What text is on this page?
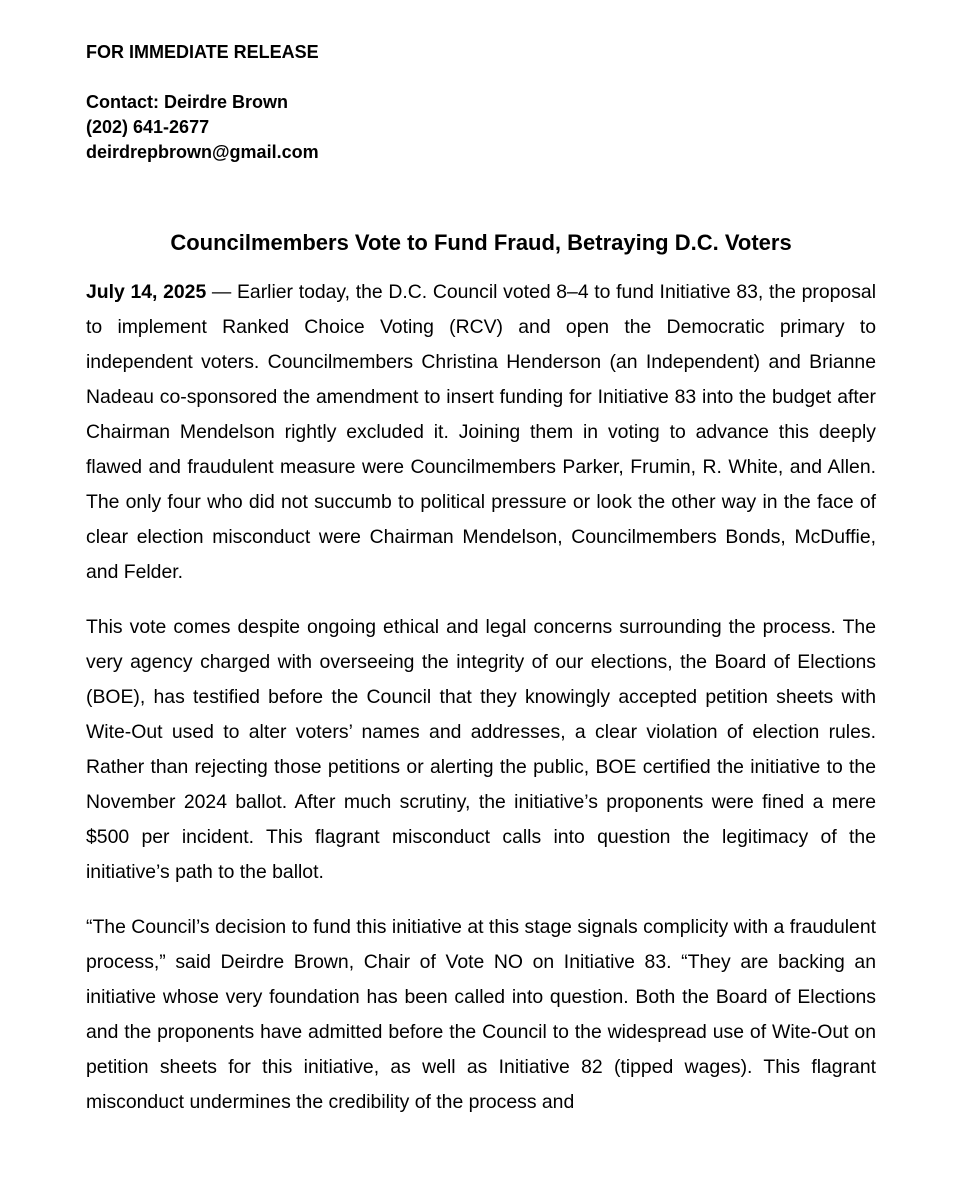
FOR IMMEDIATE RELEASE
Contact: Deirdre Brown
(202) 641-2677
deirdrepbrown@gmail.com
Councilmembers Vote to Fund Fraud, Betraying D.C. Voters

July 14, 2025 — Earlier today, the D.C. Council voted 8–4 to fund Initiative 83, the proposal to implement Ranked Choice Voting (RCV) and open the Democratic primary to independent voters. Councilmembers Christina Henderson (an Independent) and Brianne Nadeau co-sponsored the amendment to insert funding for Initiative 83 into the budget after Chairman Mendelson rightly excluded it. Joining them in voting to advance this deeply flawed and fraudulent measure were Councilmembers Parker, Frumin, R. White, and Allen. The only four who did not succumb to political pressure or look the other way in the face of clear election misconduct were Chairman Mendelson, Councilmembers Bonds, McDuffie, and Felder.

This vote comes despite ongoing ethical and legal concerns surrounding the process. The very agency charged with overseeing the integrity of our elections, the Board of Elections (BOE), has testified before the Council that they knowingly accepted petition sheets with Wite-Out used to alter voters’ names and addresses, a clear violation of election rules. Rather than rejecting those petitions or alerting the public, BOE certified the initiative to the November 2024 ballot. After much scrutiny, the initiative’s proponents were fined a mere $500 per incident. This flagrant misconduct calls into question the legitimacy of the initiative’s path to the ballot.

“The Council’s decision to fund this initiative at this stage signals complicity with a fraudulent process,” said Deirdre Brown, Chair of Vote NO on Initiative 83. “They are backing an initiative whose very foundation has been called into question. Both the Board of Elections and the proponents have admitted before the Council to the widespread use of Wite-Out on petition sheets for this initiative, as well as Initiative 82 (tipped wages). This flagrant misconduct undermines the credibility of the process and
